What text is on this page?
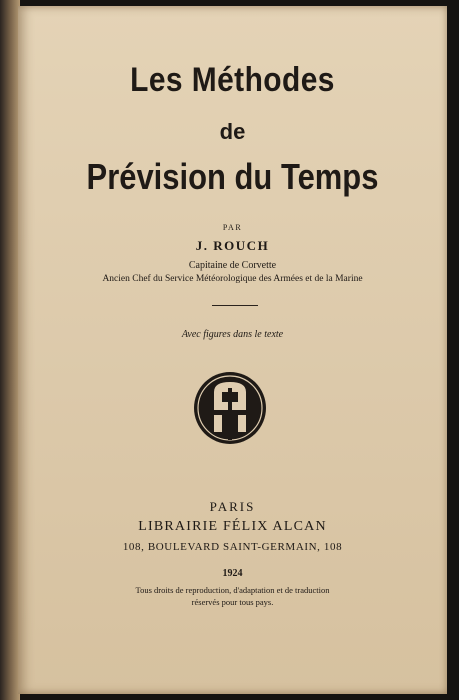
Les Méthodes
de
Prévision du Temps
PAR
J. ROUCH
Capitaine de Corvette
Ancien Chef du Service Météorologique des Armées et de la Marine
Avec figures dans le texte
PARIS
LIBRAIRIE FÉLIX ALCAN
108, BOULEVARD SAINT-GERMAIN, 108
1924
Tous droits de reproduction, d'adaptation et de traduction
réservés pour tous pays.
